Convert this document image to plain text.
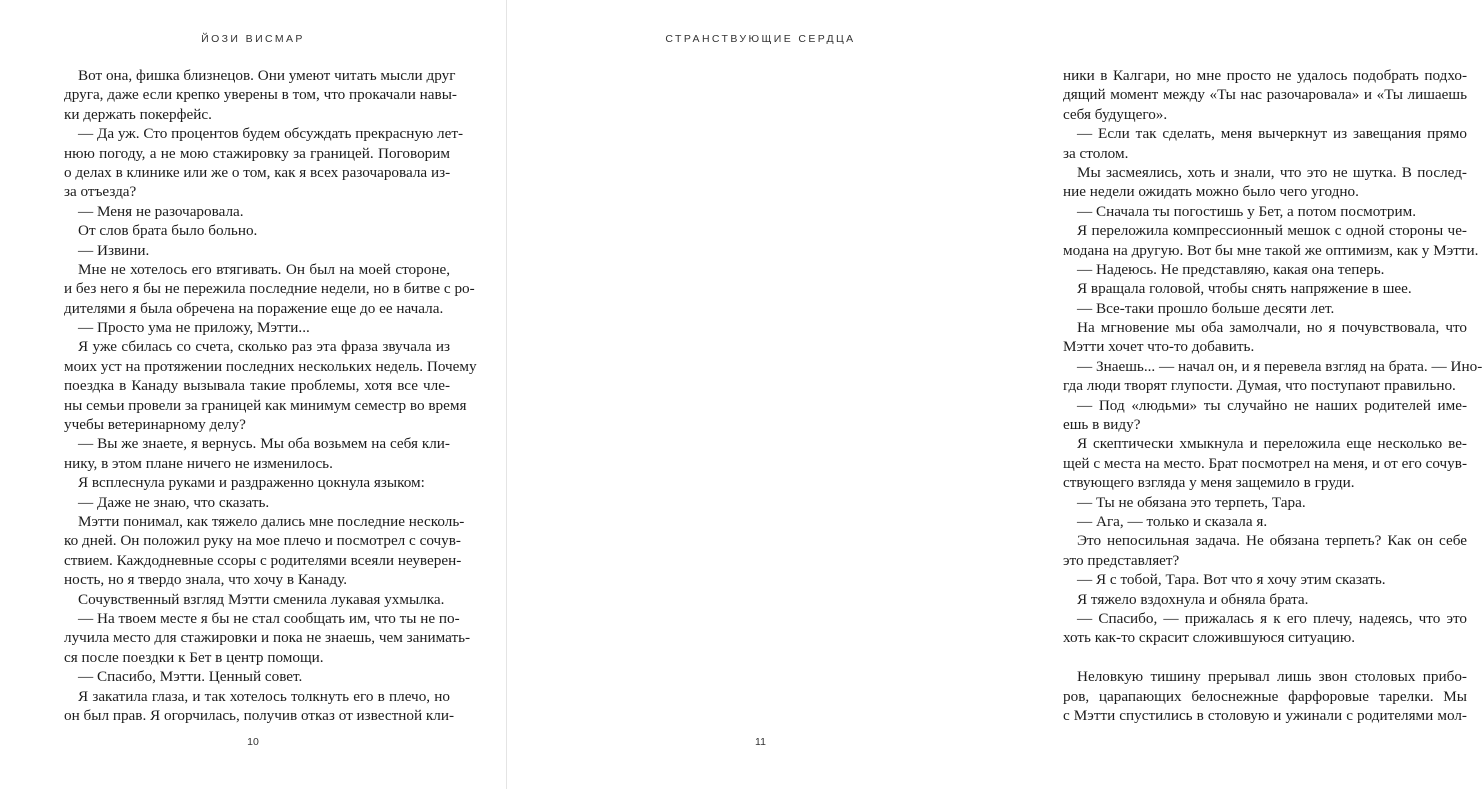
ЙОЗИ ВИСМАР
Вот она, фишка близнецов. Они умеют читать мысли друг
друга, даже если крепко уверены в том, что прокачали навы-
ки держать покерфейс.
— Да уж. Сто процентов будем обсуждать прекрасную лет-
нюю погоду, а не мою стажировку за границей. Поговорим
о делах в клинике или же о том, как я всех разочаровала из-
за отъезда?
— Меня не разочаровала.
От слов брата было больно.
— Извини.
Мне не хотелось его втягивать. Он был на моей стороне,
и без него я бы не пережила последние недели, но в битве с ро-
дителями я была обречена на поражение еще до ее начала.
— Просто ума не приложу, Мэтти...
Я уже сбилась со счета, сколько раз эта фраза звучала из
моих уст на протяжении последних нескольких недель. Почему
поездка в Канаду вызывала такие проблемы, хотя все чле-
ны семьи провели за границей как минимум семестр во время
учебы ветеринарному делу?
— Вы же знаете, я вернусь. Мы оба возьмем на себя кли-
нику, в этом плане ничего не изменилось.
Я всплеснула руками и раздраженно цокнула языком:
— Даже не знаю, что сказать.
Мэтти понимал, как тяжело дались мне последние несколь-
ко дней. Он положил руку на мое плечо и посмотрел с сочув-
ствием. Каждодневные ссоры с родителями всеяли неуверен-
ность, но я твердо знала, что хочу в Канаду.
Сочувственный взгляд Мэтти сменила лукавая ухмылка.
— На твоем месте я бы не стал сообщать им, что ты не по-
лучила место для стажировки и пока не знаешь, чем занимать-
ся после поездки к Бет в центр помощи.
— Спасибо, Мэтти. Ценный совет.
Я закатила глаза, и так хотелось толкнуть его в плечо, но
он был прав. Я огорчилась, получив отказ от известной кли-
10
СТРАНСТВУЮЩИЕ СЕРДЦА
ники в Калгари, но мне просто не удалось подобрать подхо-
дящий момент между «Ты нас разочаровала» и «Ты лишаешь
себя будущего».
— Если так сделать, меня вычеркнут из завещания прямо
за столом.
Мы засмеялись, хоть и знали, что это не шутка. В послед-
ние недели ожидать можно было чего угодно.
— Сначала ты погостишь у Бет, а потом посмотрим.
Я переложила компрессионный мешок с одной стороны че-
модана на другую. Вот бы мне такой же оптимизм, как у Мэтти.
— Надеюсь. Не представляю, какая она теперь.
Я вращала головой, чтобы снять напряжение в шее.
— Все-таки прошло больше десяти лет.
На мгновение мы оба замолчали, но я почувствовала, что
Мэтти хочет что-то добавить.
— Знаешь... — начал он, и я перевела взгляд на брата. — Ино-
гда люди творят глупости. Думая, что поступают правильно.
— Под «людьми» ты случайно не наших родителей име-
ешь в виду?
Я скептически хмыкнула и переложила еще несколько ве-
щей с места на место. Брат посмотрел на меня, и от его сочув-
ствующего взгляда у меня защемило в груди.
— Ты не обязана это терпеть, Тара.
— Ага, — только и сказала я.
Это непосильная задача. Не обязана терпеть? Как он себе
это представляет?
— Я с тобой, Тара. Вот что я хочу этим сказать.
Я тяжело вздохнула и обняла брата.
— Спасибо, — прижалась я к его плечу, надеясь, что это
хоть как-то скрасит сложившуюся ситуацию.
Неловкую тишину прерывал лишь звон столовых прибо-
ров, царапающих белоснежные фарфоровые тарелки. Мы
с Мэтти спустились в столовую и ужинали с родителями мол-
11
